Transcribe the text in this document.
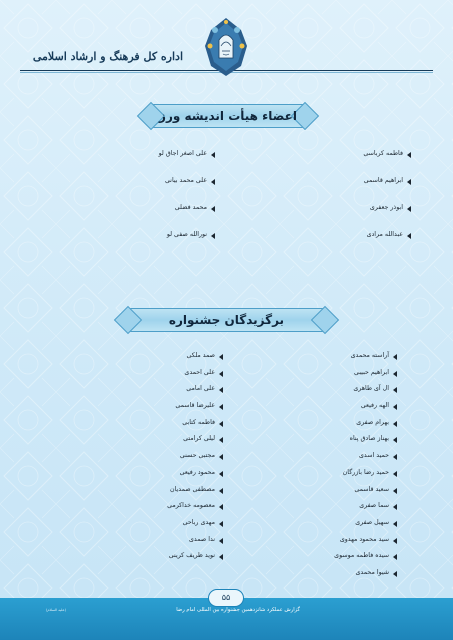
اداره کل فرهنگ و ارشاد اسلامی
اعضاء هیأت اندیشه ورز
فاطمه کرباسی
ابراهیم قاسمی
ابوذر جعفری
عبدالله مرادی
علی اصغر اجاق لو
علی محمد بیانی
محمد فضلی
نورالله صفی لو
برگزیدگان جشنواره
آراسته محمدی
ابراهیم حبیبی
ال آی طاهری
الهه رفیعی
بهرام صفری
بهناز صادق پناه
حمید اسدی
حمید رضا بازرگان
سعید قاسمی
سما صفری
سهیل صفری
سید محمود مهدوی
سیده فاطمه موسوی
شیوا محمدی
صمد ملکی
علی احمدی
علی امامی
علیرضا قاسمی
فاطمه کتابی
لیلی کرامتی
مجتبی حسنی
محمود رفیعی
مصطفی صمدیان
معصومه خداکرمی
مهدی رباحی
ندا صمدی
نوید ظریف کرینی
۵۵
گزارش عملکرد شانزدهمین جشنواره بین المللی امام رضا
(علیه السلام)
